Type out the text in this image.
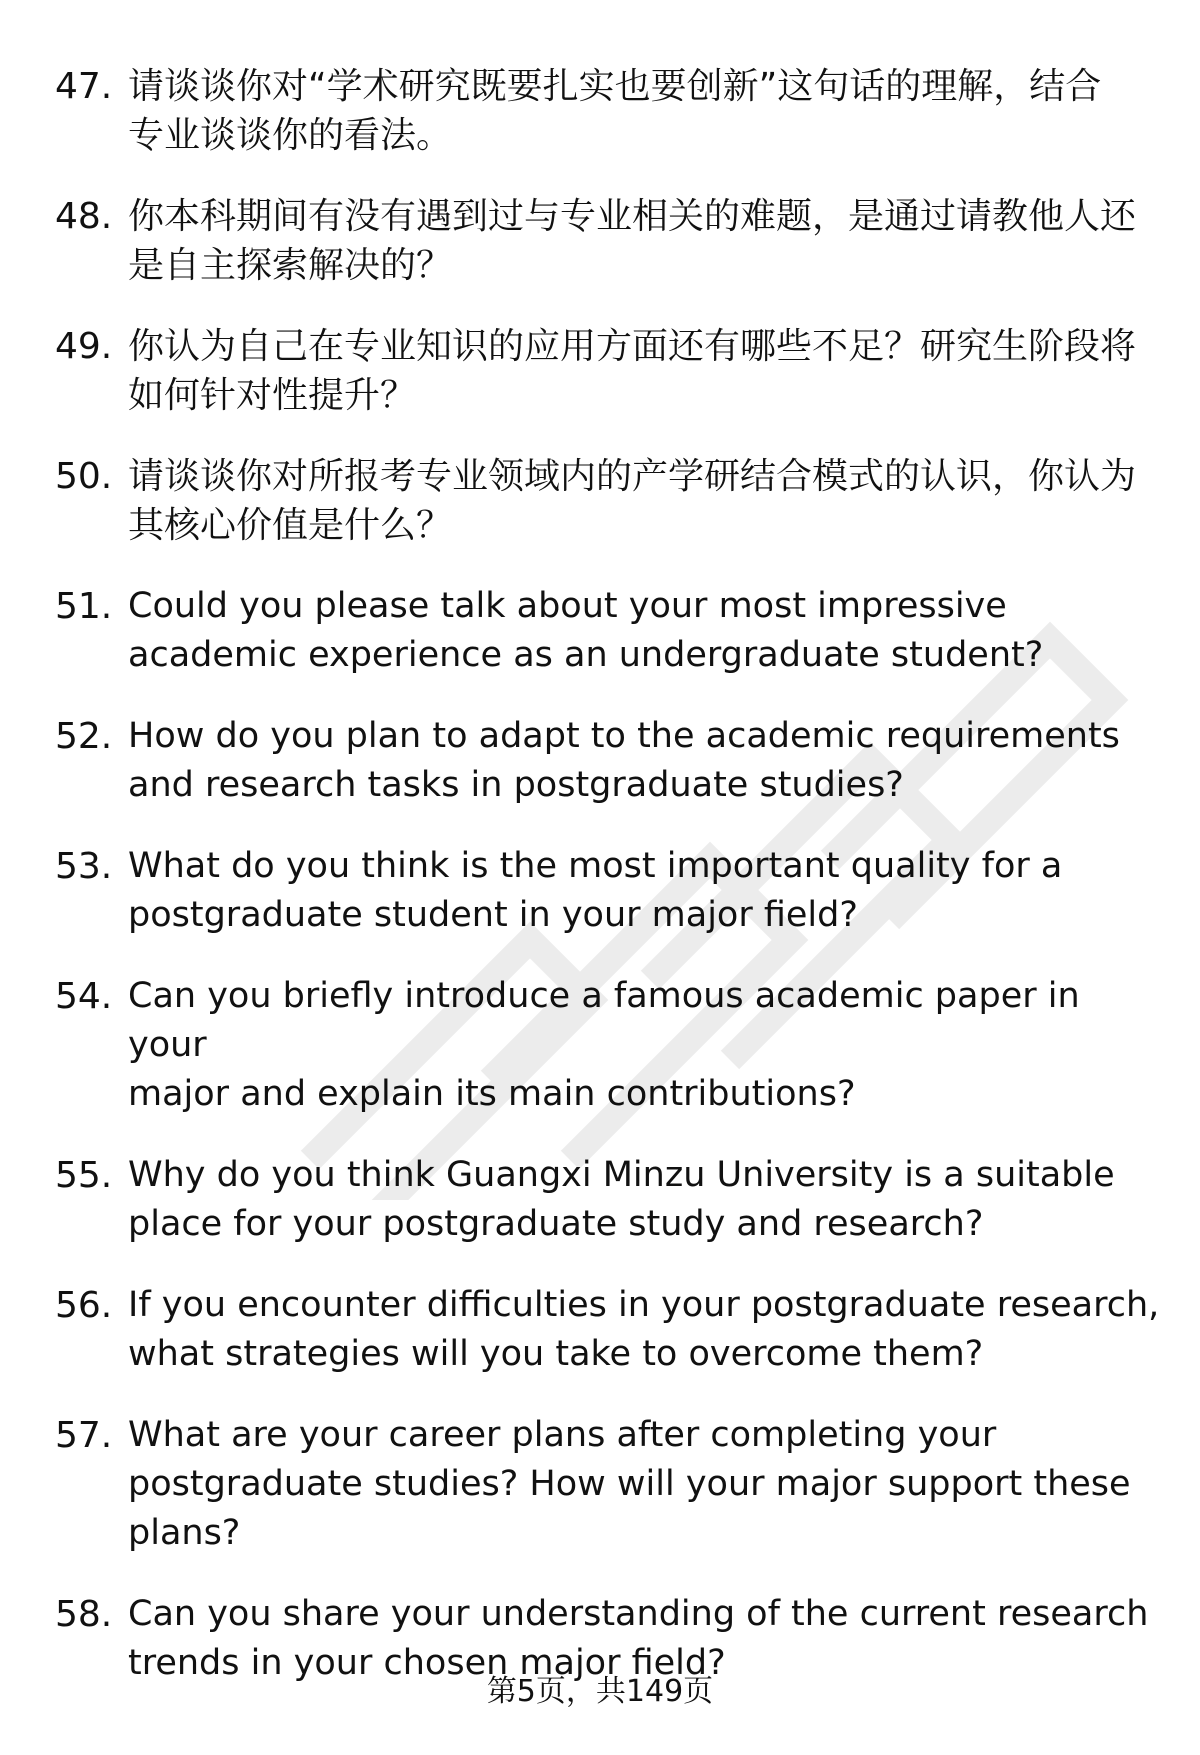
47. 请谈谈你对“学术研究既要扎实也要创新”这句话的理解，结合
专业谈谈你的看法。
48. 你本科期间有没有遇到过与专业相关的难题，是通过请教他人还
是自主探索解决的？
49. 你认为自己在专业知识的应用方面还有哪些不足？研究生阶段将
如何针对性提升？
50. 请谈谈你对所报考专业领域内的产学研结合模式的认识，你认为
其核心价值是什么？
51. Could you please talk about your most impressive
academic experience as an undergraduate student?
52. How do you plan to adapt to the academic requirements
and research tasks in postgraduate studies?
53. What do you think is the most important quality for a
postgraduate student in your major field?
54. Can you briefly introduce a famous academic paper in your
major and explain its main contributions?
55. Why do you think Guangxi Minzu University is a suitable
place for your postgraduate study and research?
56. If you encounter difficulties in your postgraduate research,
what strategies will you take to overcome them?
57. What are your career plans after completing your
postgraduate studies? How will your major support these
plans?
58. Can you share your understanding of the current research
trends in your chosen major field?
第5页，共149页
